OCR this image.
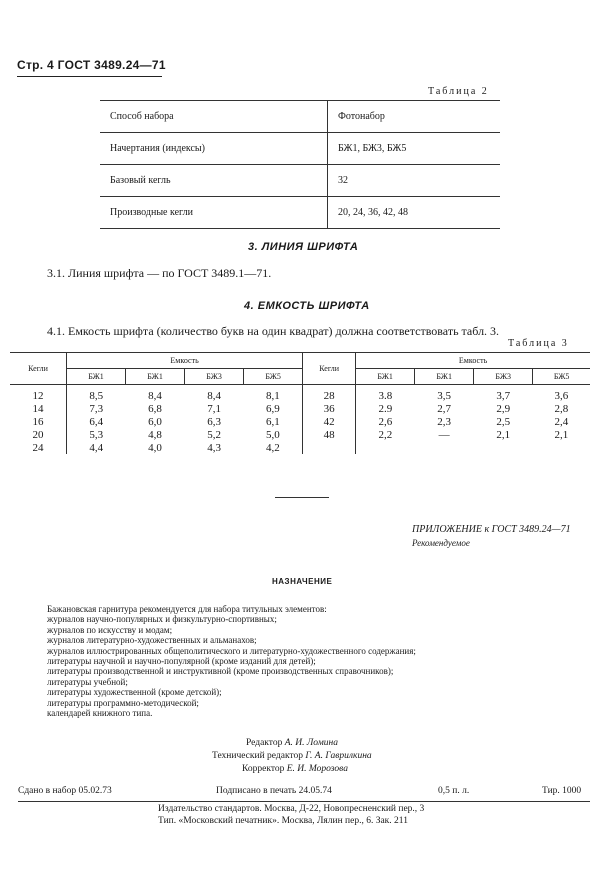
Стр. 4 ГОСТ 3489.24—71
Таблица 2
Способ набора	Фотонабор
Начертания (индексы)	БЖ1, БЖ3, БЖ5
Базовый кегль	32
Производные кегли	20, 24, 36, 42, 48
3. ЛИНИЯ ШРИФТА
3.1. Линия шрифта — по ГОСТ 3489.1—71.
4. ЕМКОСТЬ ШРИФТА
4.1. Емкость шрифта (количество букв на один квадрат) должна соответствовать табл. 3.
Таблица 3
Кегли	Емкость				Кегли	Емкость			
	БЖ1	БЖ1	БЖ3	БЖ5		БЖ1	БЖ1	БЖ3	БЖ5
12	8,5	8,4	8,4	8,1	28	3.8	3,5	3,7	3,6
14	7,3	6,8	7,1	6,9	36	2.9	2,7	2,9	2,8
16	6,4	6,0	6,3	6,1	42	2,6	2,3	2,5	2,4
20	5,3	4,8	5,2	5,0	48	2,2	—	2,1	2,1
24	4,4	4,0	4,3	4,2					
ПРИЛОЖЕНИЕ к ГОСТ 3489.24—71
Рекомендуемое
НАЗНАЧЕНИЕ
Бажановская гарнитура рекомендуется для набора титульных элементов:
журналов научно-популярных и физкультурно-спортивных;
журналов по искусству и модам;
журналов литературно-художественных и альманахов;
журналов иллюстрированных общеполитического и литературно-художественного содержания;
литературы научной и научно-популярной (кроме изданий для детей);
литературы производственной и инструктивной (кроме производственных справочников);
литературы учебной;
литературы художественной (кроме детской);
литературы программно-методической;
календарей книжного типа.
Редактор А. И. Ломина
Технический редактор Г. А. Гаврилкина
Корректор Е. И. Морозова
Сдано в набор 05.02.73	Подписано в печать 24.05.74	0,5 п. л.	Тир. 1000
Издательство стандартов. Москва, Д-22, Новопресненский пер., 3
Тип. «Московский печатник». Москва, Лялин пер., 6. Зак. 211
